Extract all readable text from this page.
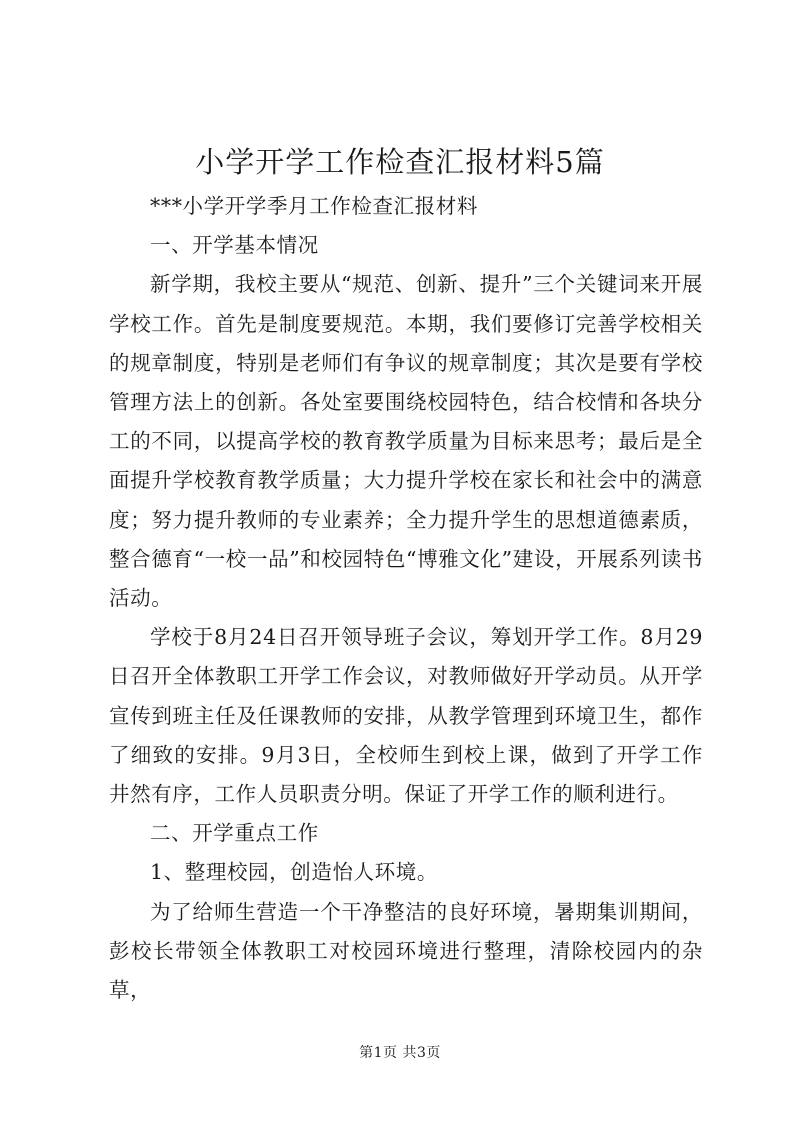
小学开学工作检查汇报材料5篇

***小学开学季月工作检查汇报材料

一、开学基本情况

新学期，我校主要从“规范、创新、提升”三个关键词来开展学校工作。首先是制度要规范。本期，我们要修订完善学校相关的规章制度，特别是老师们有争议的规章制度；其次是要有学校管理方法上的创新。各处室要围绕校园特色，结合校情和各块分工的不同，以提高学校的教育教学质量为目标来思考；最后是全面提升学校教育教学质量；大力提升学校在家长和社会中的满意度；努力提升教师的专业素养；全力提升学生的思想道德素质，整合德育“一校一品”和校园特色“博雅文化”建设，开展系列读书活动。

学校于8月24日召开领导班子会议，筹划开学工作。8月29日召开全体教职工开学工作会议，对教师做好开学动员。从开学宣传到班主任及任课教师的安排，从教学管理到环境卫生，都作了细致的安排。9月3日，全校师生到校上课，做到了开学工作井然有序，工作人员职责分明。保证了开学工作的顺利进行。

二、开学重点工作

1、整理校园，创造怡人环境。

为了给师生营造一个干净整洁的良好环境，暑期集训期间，彭校长带领全体教职工对校园环境进行整理，清除校园内的杂草，

第1页 共3页
